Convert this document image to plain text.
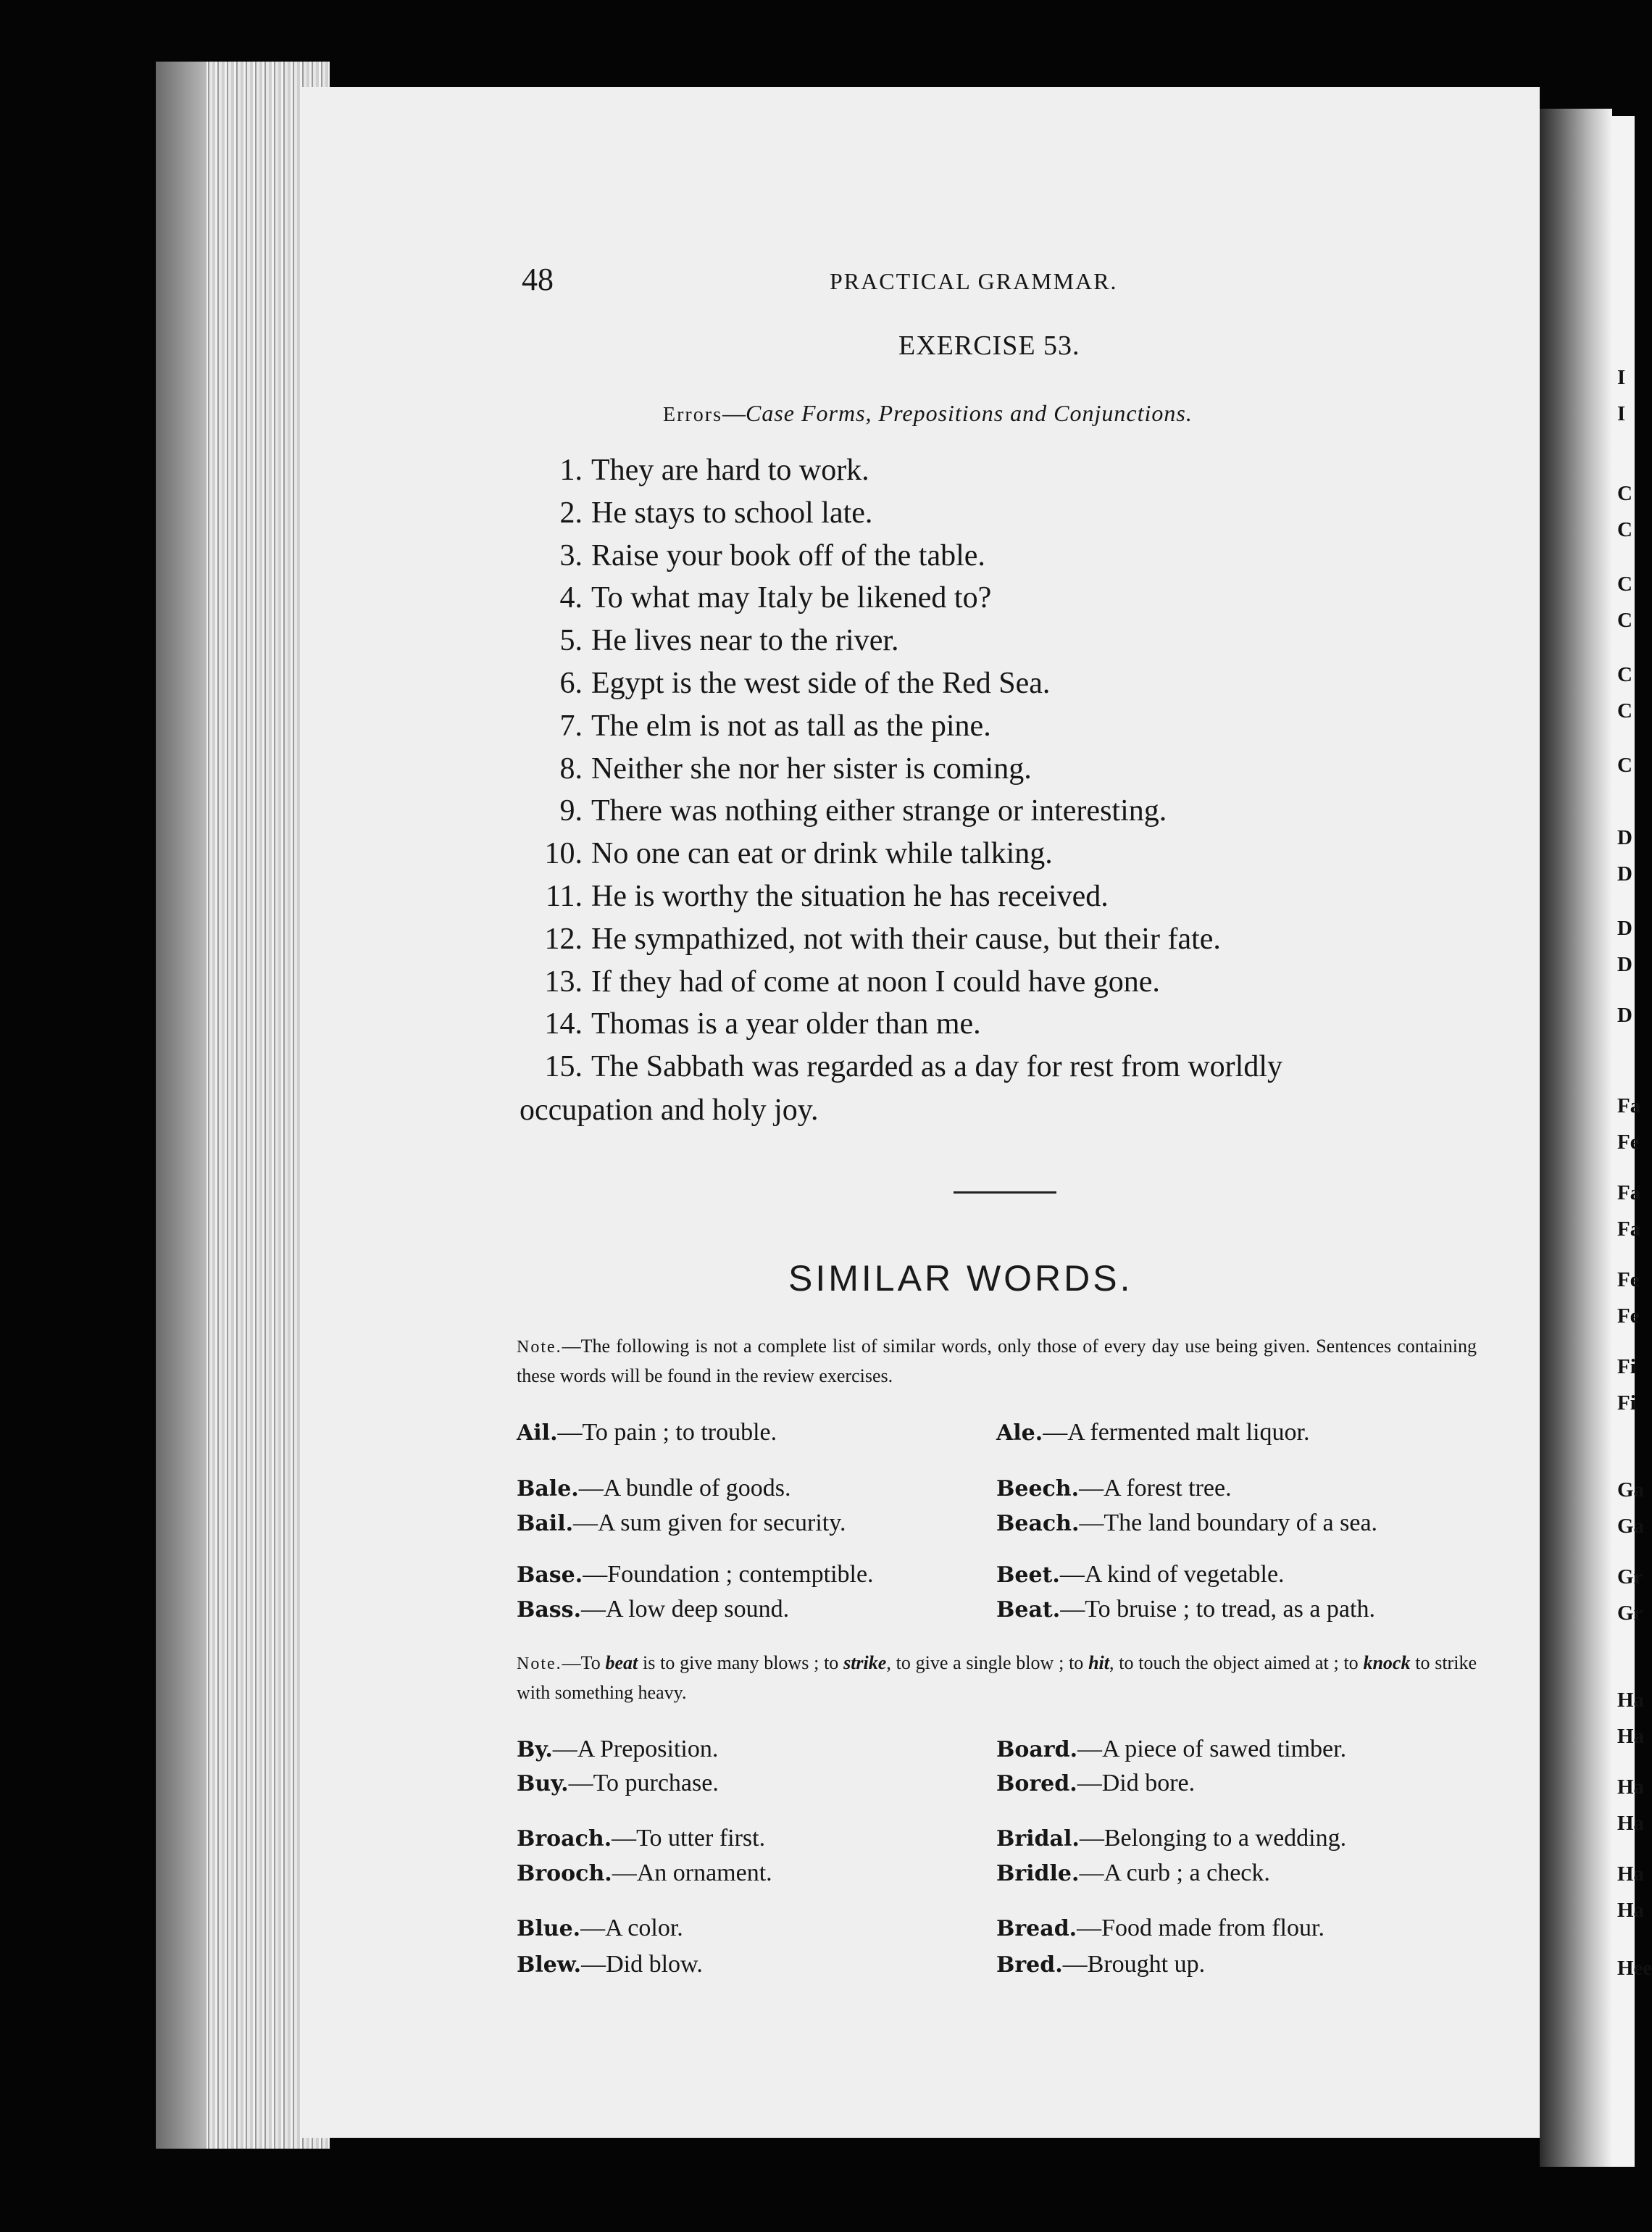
I
I
C
C
C
C
C
C
C
D
D
D
D
D
Fa
Fe
Fa
Fa
Fe
Fe
Fi
Fi
Ga
Ga
Gr
Gr
Ha
Ha
Ha
Ha
Ha
Ha
Hee
48	PRACTICAL GRAMMAR.
EXERCISE 53.
Errors—Case Forms, Prepositions and Conjunctions.
1. They are hard to work.
2. He stays to school late.
3. Raise your book off of the table.
4. To what may Italy be likened to?
5. He lives near to the river.
6. Egypt is the west side of the Red Sea.
7. The elm is not as tall as the pine.
8. Neither she nor her sister is coming.
9. There was nothing either strange or interesting.
10. No one can eat or drink while talking.
11. He is worthy the situation he has received.
12. He sympathized, not with their cause, but their fate.
13. If they had of come at noon I could have gone.
14. Thomas is a year older than me.
15. The Sabbath was regarded as a day for rest from worldly
occupation and holy joy.
SIMILAR WORDS.
Note.—The following is not a complete list of similar words, only those of every day use being given. Sentences containing these words will be found in the review exercises.
Note.—To beat is to give many blows ; to strike, to give a single blow ; to hit, to touch the object aimed at ; to knock to strike with something heavy.
Ail.—To pain ; to trouble.
Bale.—A bundle of goods.
Bail.—A sum given for security.
Base.—Foundation ; contemptible.
Bass.—A low deep sound.
By.—A Preposition.
Buy.—To purchase.
Broach.—To utter first.
Brooch.—An ornament.
Blue.—A color.
Blew.—Did blow.
Ale.—A fermented malt liquor.
Beech.—A forest tree.
Beach.—The land boundary of a sea.
Beet.—A kind of vegetable.
Beat.—To bruise ; to tread, as a path.
Board.—A piece of sawed timber.
Bored.—Did bore.
Bridal.—Belonging to a wedding.
Bridle.—A curb ; a check.
Bread.—Food made from flour.
Bred.—Brought up.
